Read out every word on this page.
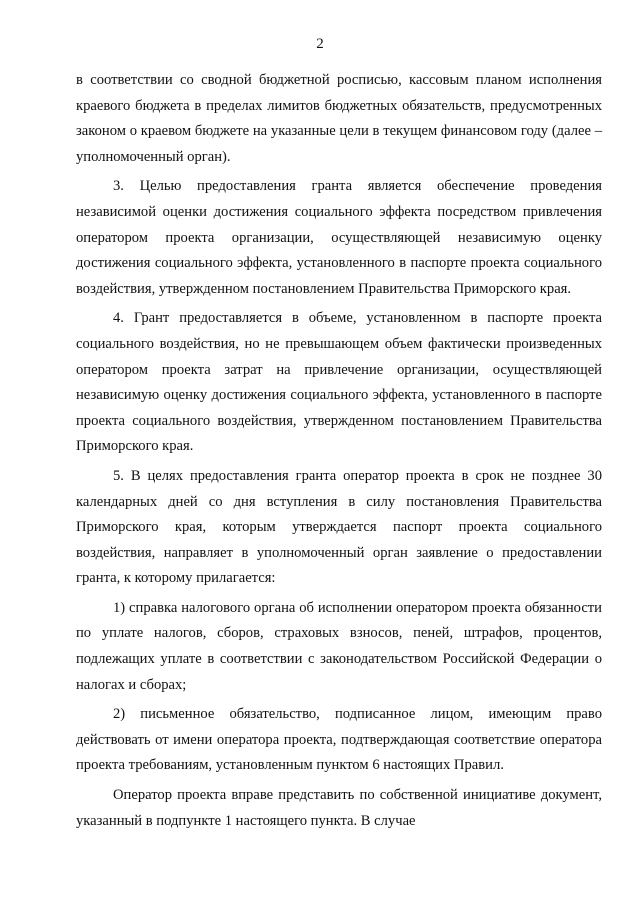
2

в соответствии со сводной бюджетной росписью, кассовым планом исполнения краевого бюджета в пределах лимитов бюджетных обязательств, предусмотренных законом о краевом бюджете на указанные цели в текущем финансовом году (далее – уполномоченный орган).

3. Целью предоставления гранта является обеспечение проведения независимой оценки достижения социального эффекта посредством привлечения оператором проекта организации, осуществляющей независимую оценку достижения социального эффекта, установленного в паспорте проекта социального воздействия, утвержденном постановлением Правительства Приморского края.

4. Грант предоставляется в объеме, установленном в паспорте проекта социального воздействия, но не превышающем объем фактически произведенных оператором проекта затрат на привлечение организации, осуществляющей независимую оценку достижения социального эффекта, установленного в паспорте проекта социального воздействия, утвержденном постановлением Правительства Приморского края.

5. В целях предоставления гранта оператор проекта в срок не позднее 30 календарных дней со дня вступления в силу постановления Правительства Приморского края, которым утверждается паспорт проекта социального воздействия, направляет в уполномоченный орган заявление о предоставлении гранта, к которому прилагается:

1) справка налогового органа об исполнении оператором проекта обязанности по уплате налогов, сборов, страховых взносов, пеней, штрафов, процентов, подлежащих уплате в соответствии с законодательством Российской Федерации о налогах и сборах;

2) письменное обязательство, подписанное лицом, имеющим право действовать от имени оператора проекта, подтверждающая соответствие оператора проекта требованиям, установленным пунктом 6 настоящих Правил.

Оператор проекта вправе представить по собственной инициативе документ, указанный в подпункте 1 настоящего пункта. В случае
